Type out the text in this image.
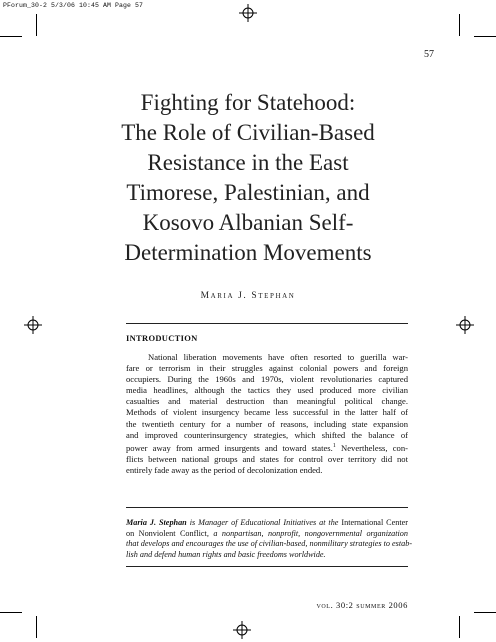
PForum_30-2 5/3/06 10:45 AM Page 57
57
Fighting for Statehood:
The Role of Civilian-Based
Resistance in the East
Timorese, Palestinian, and
Kosovo Albanian Self-
Determination Movements
Maria J. Stephan
INTRODUCTION
National liberation movements have often resorted to guerilla war-
fare or terrorism in their struggles against colonial powers and foreign
occupiers. During the 1960s and 1970s, violent revolutionaries captured
media headlines, although the tactics they used produced more civilian
casualties and material destruction than meaningful political change.
Methods of violent insurgency became less successful in the latter half of
the twentieth century for a number of reasons, including state expansion
and improved counterinsurgency strategies, which shifted the balance of
power away from armed insurgents and toward states.$^1$ Nevertheless, con-
flicts between national groups and states for control over territory did not
entirely fade away as the period of decolonization ended.
Maria J. Stephan is Manager of Educational Initiatives at the International Center
on Nonviolent Conflict, a nonpartisan, nonprofit, nongovernmental organization
that develops and encourages the use of civilian-based, nonmilitary strategies to estab-
lish and defend human rights and basic freedoms worldwide.
vol. 30:2 summer 2006
